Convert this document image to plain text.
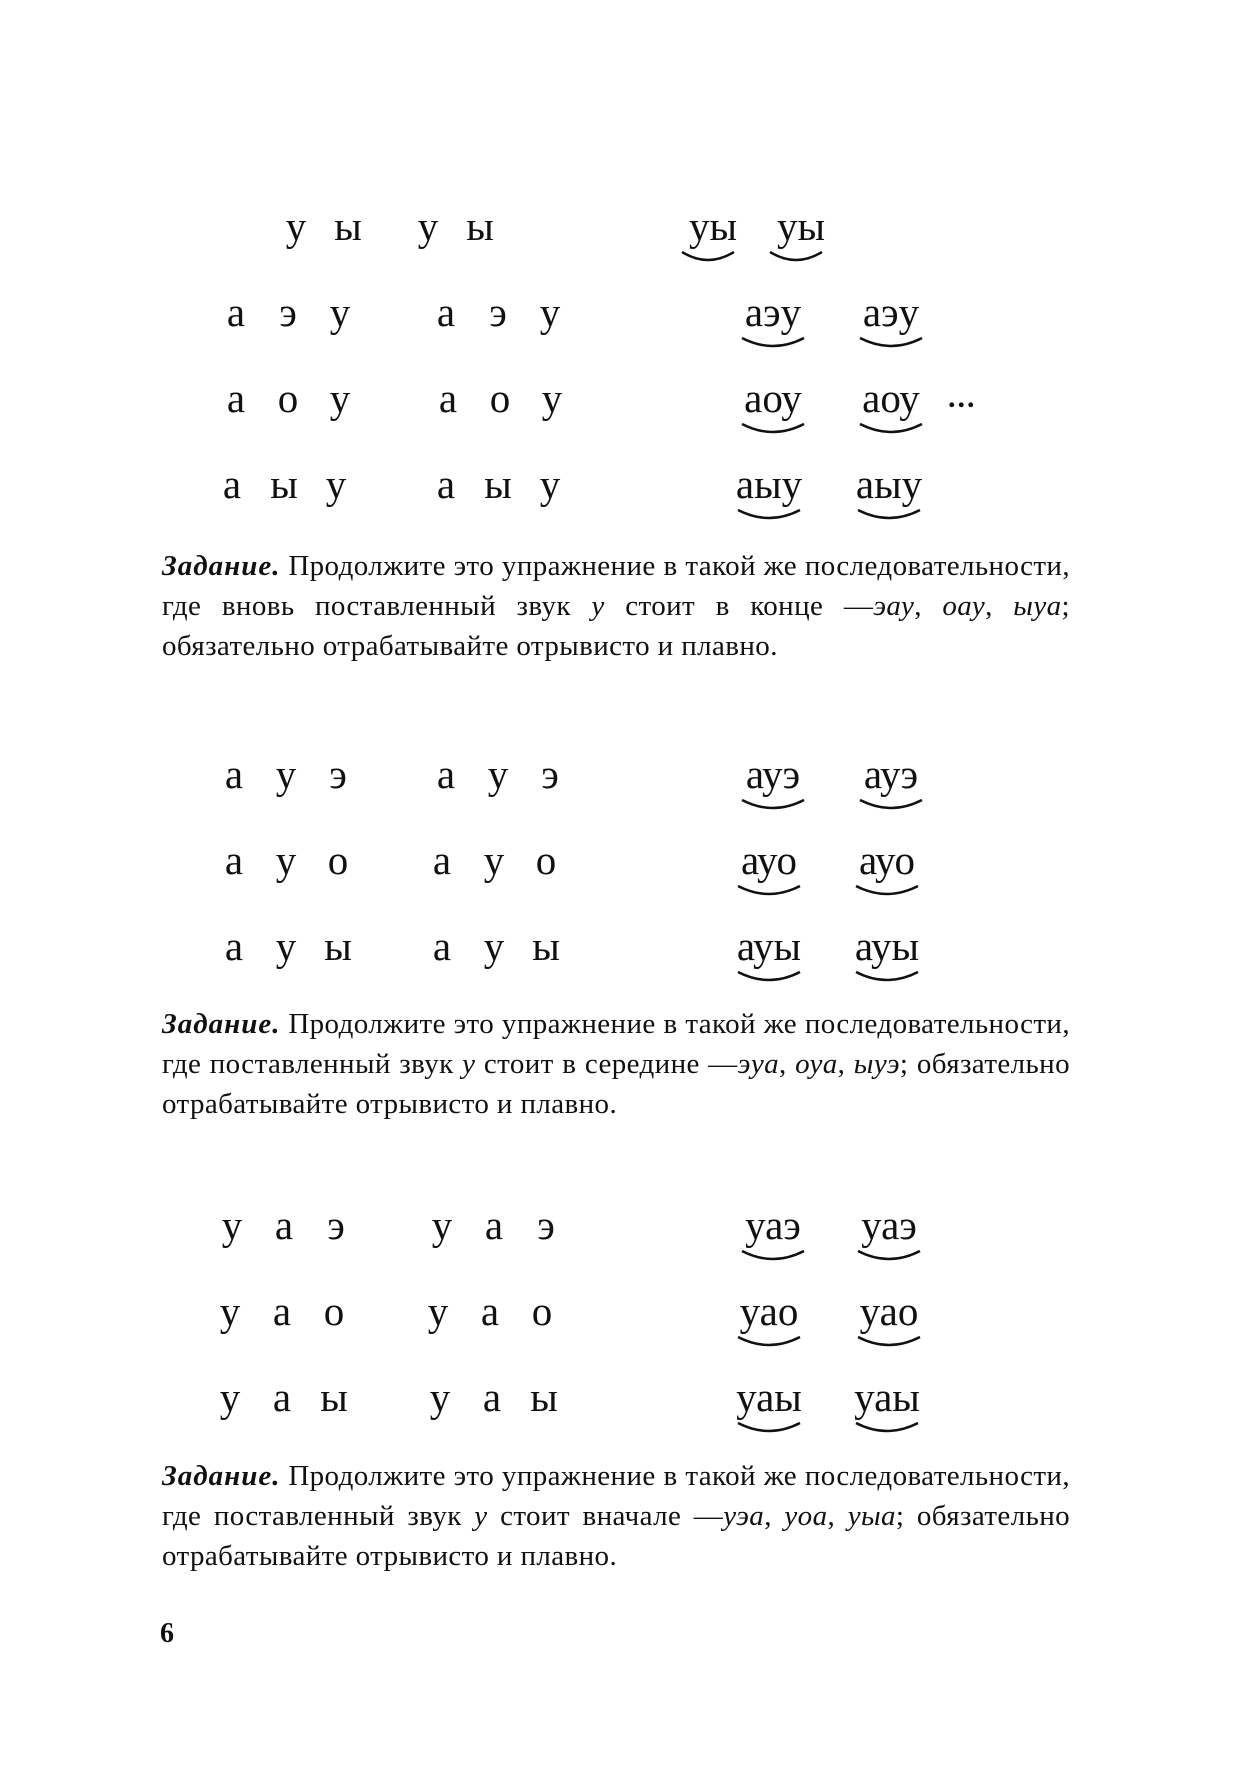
у ы	у ы	уы уы
а э у	а э у	аэу	аэу
а о у	а о у	аоу	аоу ...
а ы у	а ы у	аыу аыу

Задание. Продолжите это упражнение в такой же последовательности, где вновь поставленный звук у стоит в конце —эау, оау, ыуа; обязательно отрабатывайте отрывисто и плавно.

а у э	а у э	ауэ	ауэ
а у о	а у о	ауо	ауо
а у ы	а у ы	ауы ауы

Задание. Продолжите это упражнение в такой же последовательности, где поставленный звук у стоит в середине —эуа, оуа, ыуэ; обязательно отрабатывайте отрывисто и плавно.

у а э	у а э	уаэ	уаэ
у а о	у а о	уао	уао
у а ы	у а ы	уаы уаы

Задание. Продолжите это упражнение в такой же последовательности, где поставленный звук у стоит вначале —уэа, уоа, уыа; обязательно отрабатывайте отрывисто и плавно.

6
